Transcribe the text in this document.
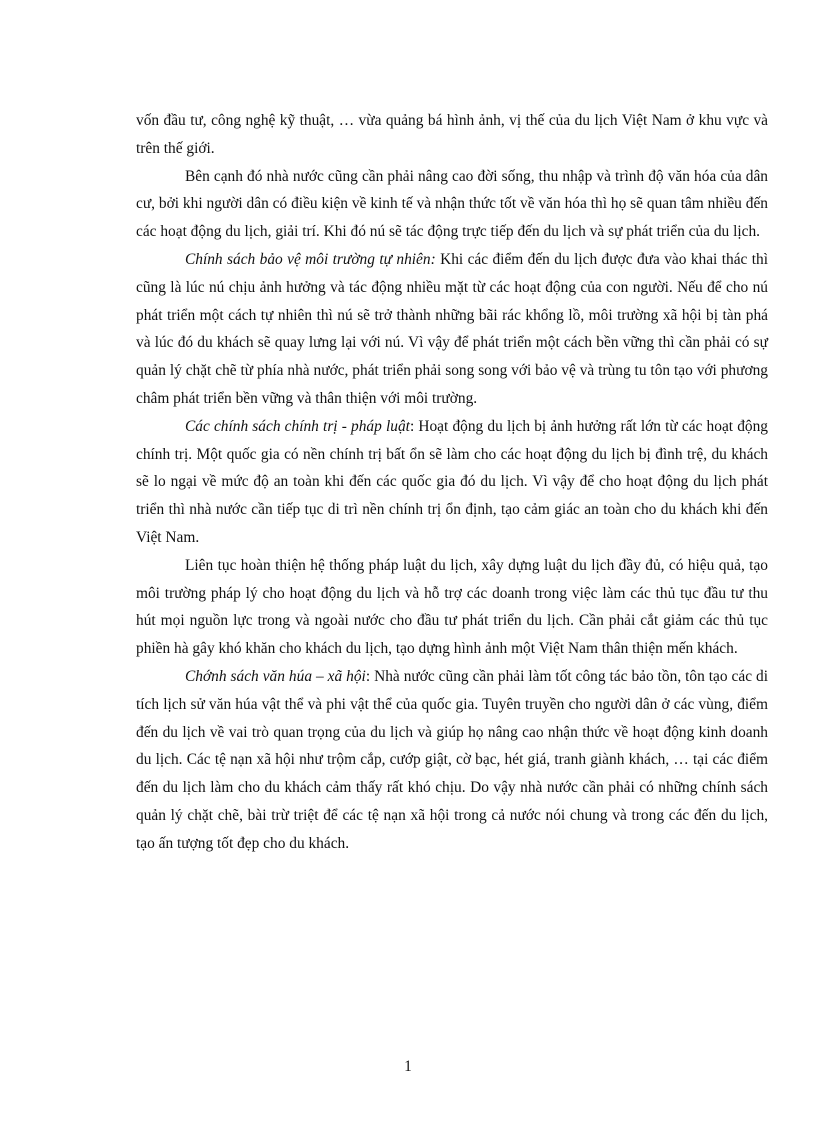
vốn đầu tư, công nghệ kỹ thuật, … vừa quảng bá hình ảnh, vị thế của du lịch Việt Nam ở khu vực và trên thế giới.

Bên cạnh đó nhà nước cũng cần phải nâng cao đời sống, thu nhập và trình độ văn hóa của dân cư, bởi khi người dân có điều kiện về kinh tế và nhận thức tốt về văn hóa thì họ sẽ quan tâm nhiều đến các hoạt động du lịch, giải trí. Khi đó nú sẽ tác động trực tiếp đến du lịch và sự phát triển của du lịch.

Chính sách bảo vệ môi trường tự nhiên: Khi các điểm đến du lịch được đưa vào khai thác thì cũng là lúc nú chịu ảnh hưởng và tác động nhiều mặt từ các hoạt động của con người. Nếu để cho nú phát triển một cách tự nhiên thì nú sẽ trở thành những bãi rác khổng lồ, môi trường xã hội bị tàn phá và lúc đó du khách sẽ quay lưng lại với nú. Vì vậy để phát triển một cách bền vững thì cần phải có sự quản lý chặt chẽ từ phía nhà nước, phát triển phải song song với bảo vệ và trùng tu tôn tạo với phương châm phát triển bền vững và thân thiện với môi trường.

Các chính sách chính trị - pháp luật: Hoạt động du lịch bị ảnh hưởng rất lớn từ các hoạt động chính trị. Một quốc gia có nền chính trị bất ổn sẽ làm cho các hoạt động du lịch bị đình trệ, du khách sẽ lo ngại về mức độ an toàn khi đến các quốc gia đó du lịch. Vì vậy để cho hoạt động du lịch phát triển thì nhà nước cần tiếp tục di trì nền chính trị ổn định, tạo cảm giác an toàn cho du khách khi đến Việt Nam.

Liên tục hoàn thiện hệ thống pháp luật du lịch, xây dựng luật du lịch đầy đủ, có hiệu quả, tạo môi trường pháp lý cho hoạt động du lịch và hỗ trợ các doanh trong việc làm các thủ tục đầu tư thu hút mọi nguồn lực trong và ngoài nước cho đầu tư phát triển du lịch. Cần phải cắt giảm các thủ tục phiền hà gây khó khăn cho khách du lịch, tạo dựng hình ảnh một Việt Nam thân thiện mến khách.

Chớnh sách văn húa – xã hội: Nhà nước cũng cần phải làm tốt công tác bảo tồn, tôn tạo các di tích lịch sử văn húa vật thể và phi vật thể của quốc gia. Tuyên truyền cho người dân ở các vùng, điểm đến du lịch về vai trò quan trọng của du lịch và giúp họ nâng cao nhận thức về hoạt động kinh doanh du lịch. Các tệ nạn xã hội như trộm cắp, cướp giật, cờ bạc, hét giá, tranh giành khách, … tại các điểm đến du lịch làm cho du khách cảm thấy rất khó chịu. Do vậy nhà nước cần phải có những chính sách quản lý chặt chẽ, bài trừ triệt để các tệ nạn xã hội trong cả nước nói chung và trong các đến du lịch, tạo ấn tượng tốt đẹp cho du khách.

1
